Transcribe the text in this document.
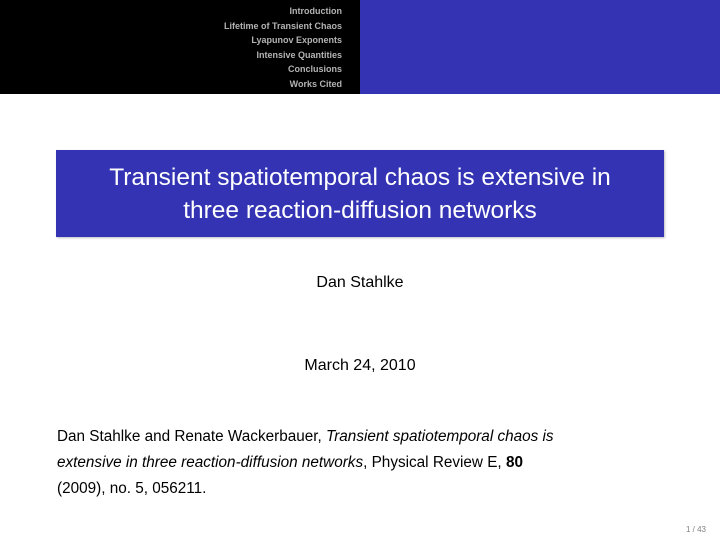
Introduction
Lifetime of Transient Chaos
Lyapunov Exponents
Intensive Quantities
Conclusions
Works Cited
Transient spatiotemporal chaos is extensive in
three reaction-diffusion networks
Dan Stahlke
March 24, 2010
Dan Stahlke and Renate Wackerbauer, Transient spatiotemporal chaos is
extensive in three reaction-diffusion networks, Physical Review E, 80
(2009), no. 5, 056211.
1 / 43
